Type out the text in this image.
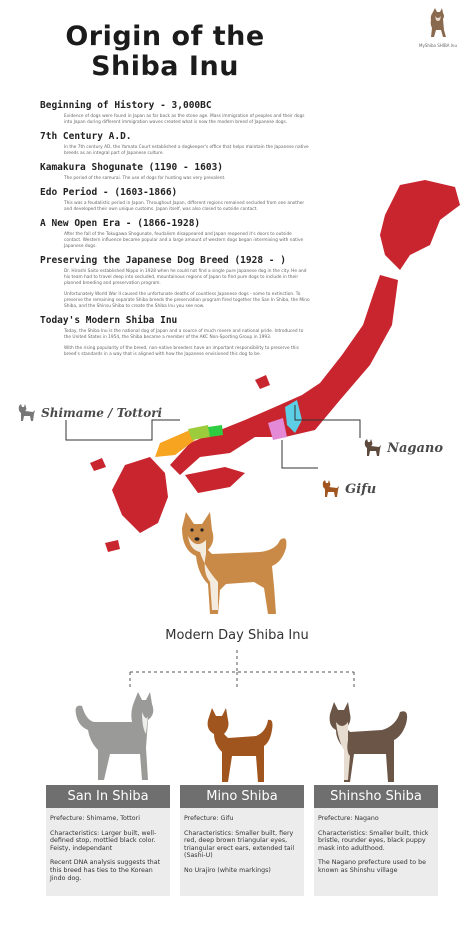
Origin of the
Shiba Inu
MyShiba SHIBA Inu

Beginning of History - 3,000BC

Evidence of dogs were found in Japan as far back as the stone age. Mass immigration of peoples and their dogs into Japan during different immigration waves created what is now the modern breed of Japanese dogs.

7th Century A.D.

In the 7th century AD, the Yamato Court established a dogkeeper's office that helps maintain the Japanese native breeds as an integral part of Japanese culture.

Kamakura Shogunate (1190 - 1603)

The period of the samurai. The use of dogs for hunting was very prevalent.

Edo Period - (1603-1866)

This was a feudalistic period in Japan. Throughout Japan, different regions remained secluded from one another and developed their own unique customs. Japan itself, was also closed to outside contact.

A New Open Era - (1866-1928)

After the fall of the Tokugawa Shogunate, feudalism disappeared and Japan reopened it's doors to outside contact. Western influence became popular and a large amount of western dogs began intermixing with native Japanese dogs.

Preserving the Japanese Dog Breed (1928 - )

Dr. Hiroshi Saito established Nippo in 1928 when he could not find a single pure Japanese dog in the city. He and his team had to travel deep into secluded, mountainous regions of Japan to find pure dogs to include in their planned breeding and preservation program.

Unfortunately World War II caused the unfortunate deaths of countless Japanese dogs - some to extinction. To preserve the remaining separate Shiba breeds the preservation program fired together the San In Shiba, the Mino Shiba, and the Shinsu Shiba to create the Shiba Inu you see now.

Today's Modern Shiba Inu

Today, the Shiba Inu is the national dog of Japan and a source of much revere and national pride. Introduced to the United States in 1954, the Shiba became a member of the AKC Non-Sporting Group in 1993.

With the rising popularity of the breed, non-native breeders have an important responsibility to preserve this breed's standards in a way that is aligned with how the Japanese envisioned this dog to be.

Shimame / Tottori
Nagano
Gifu
Modern Day Shiba Inu
San In Shiba

Prefecture: Shimame, Tottori

Characteristics: Larger built, well-defined stop, mottled black color. Feisty, independant

Recent DNA analysis suggests that this breed has ties to the Korean Jindo dog.

Mino Shiba

Prefecture: Gifu

Characteristics: Smaller built, fiery red, deep brown triangular eyes, triangular erect ears, extended tail (Sashi-U)

No Urajiro (white markings)

Shinsho Shiba

Prefecture: Nagano

Characteristics: Smaller built, thick bristle, rounder eyes, black puppy mask into adulthood.

The Nagano prefecture used to be known as Shinshu village
